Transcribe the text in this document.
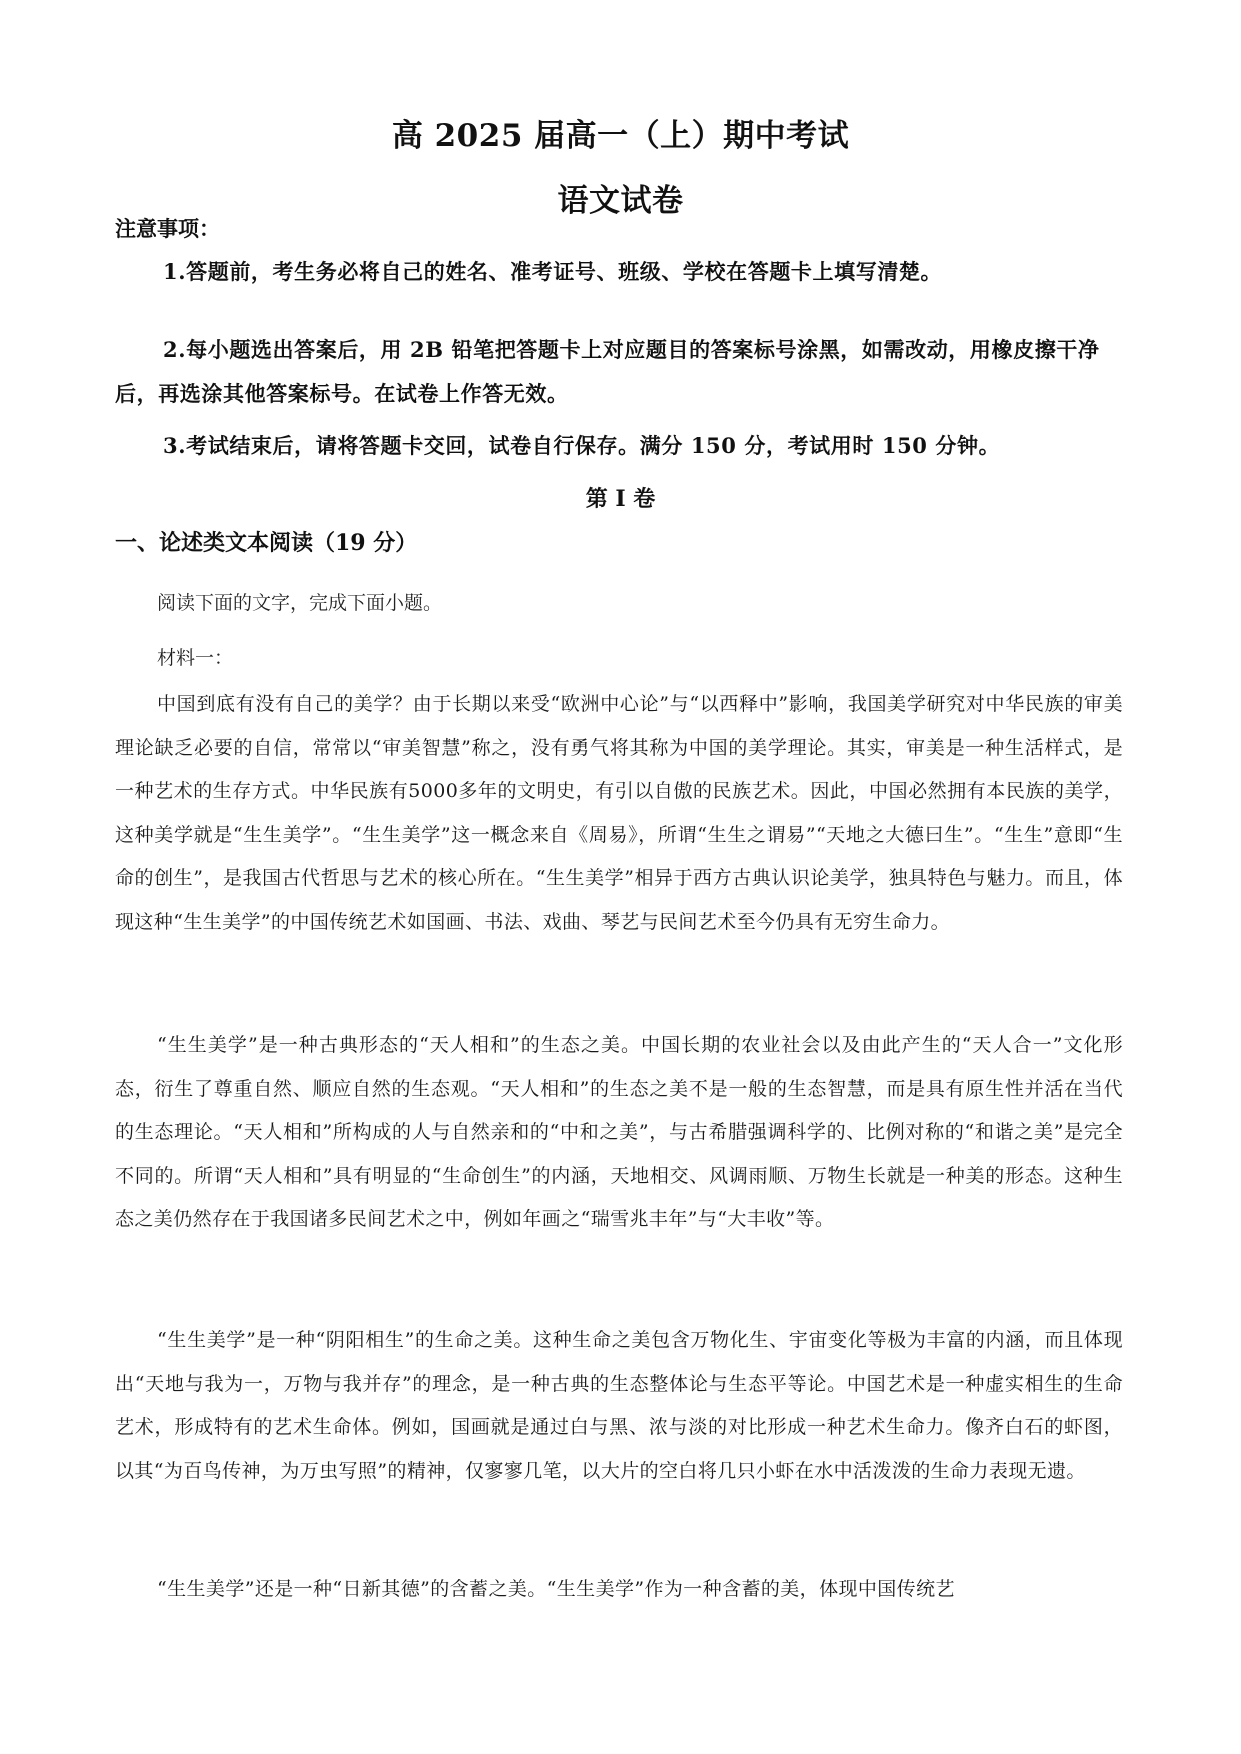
高 2025 届高一（上）期中考试
语文试卷
注意事项：
1.答题前，考生务必将自己的姓名、准考证号、班级、学校在答题卡上填写清楚。
2.每小题选出答案后，用 2B 铅笔把答题卡上对应题目的答案标号涂黑，如需改动，用橡皮擦干净后，再选涂其他答案标号。在试卷上作答无效。
3.考试结束后，请将答题卡交回，试卷自行保存。满分 150 分，考试用时 150 分钟。
第 I 卷
一、论述类文本阅读（19 分）
阅读下面的文字，完成下面小题。
材料一：
中国到底有没有自己的美学？由于长期以来受“欧洲中心论”与“以西释中”影响，我国美学研究对中华民族的审美理论缺乏必要的自信，常常以“审美智慧”称之，没有勇气将其称为中国的美学理论。其实，审美是一种生活样式，是一种艺术的生存方式。中华民族有5000多年的文明史，有引以自傲的民族艺术。因此，中国必然拥有本民族的美学，这种美学就是“生生美学”。“生生美学”这一概念来自《周易》，所谓“生生之谓易”“天地之大德曰生”。“生生”意即“生命的创生”，是我国古代哲思与艺术的核心所在。“生生美学”相异于西方古典认识论美学，独具特色与魅力。而且，体现这种“生生美学”的中国传统艺术如国画、书法、戏曲、琴艺与民间艺术至今仍具有无穷生命力。
“生生美学”是一种古典形态的“天人相和”的生态之美。中国长期的农业社会以及由此产生的“天人合一”文化形态，衍生了尊重自然、顺应自然的生态观。“天人相和”的生态之美不是一般的生态智慧，而是具有原生性并活在当代的生态理论。“天人相和”所构成的人与自然亲和的“中和之美”，与古希腊强调科学的、比例对称的“和谐之美”是完全不同的。所谓“天人相和”具有明显的“生命创生”的内涵，天地相交、风调雨顺、万物生长就是一种美的形态。这种生态之美仍然存在于我国诸多民间艺术之中，例如年画之“瑞雪兆丰年”与“大丰收”等。
“生生美学”是一种“阴阳相生”的生命之美。这种生命之美包含万物化生、宇宙变化等极为丰富的内涵，而且体现出“天地与我为一，万物与我并存”的理念，是一种古典的生态整体论与生态平等论。中国艺术是一种虚实相生的生命艺术，形成特有的艺术生命体。例如，国画就是通过白与黑、浓与淡的对比形成一种艺术生命力。像齐白石的虾图，以其“为百鸟传神，为万虫写照”的精神，仅寥寥几笔，以大片的空白将几只小虾在水中活泼泼的生命力表现无遗。
“生生美学”还是一种“日新其德”的含蓄之美。“生生美学”作为一种含蓄的美，体现中国传统艺
